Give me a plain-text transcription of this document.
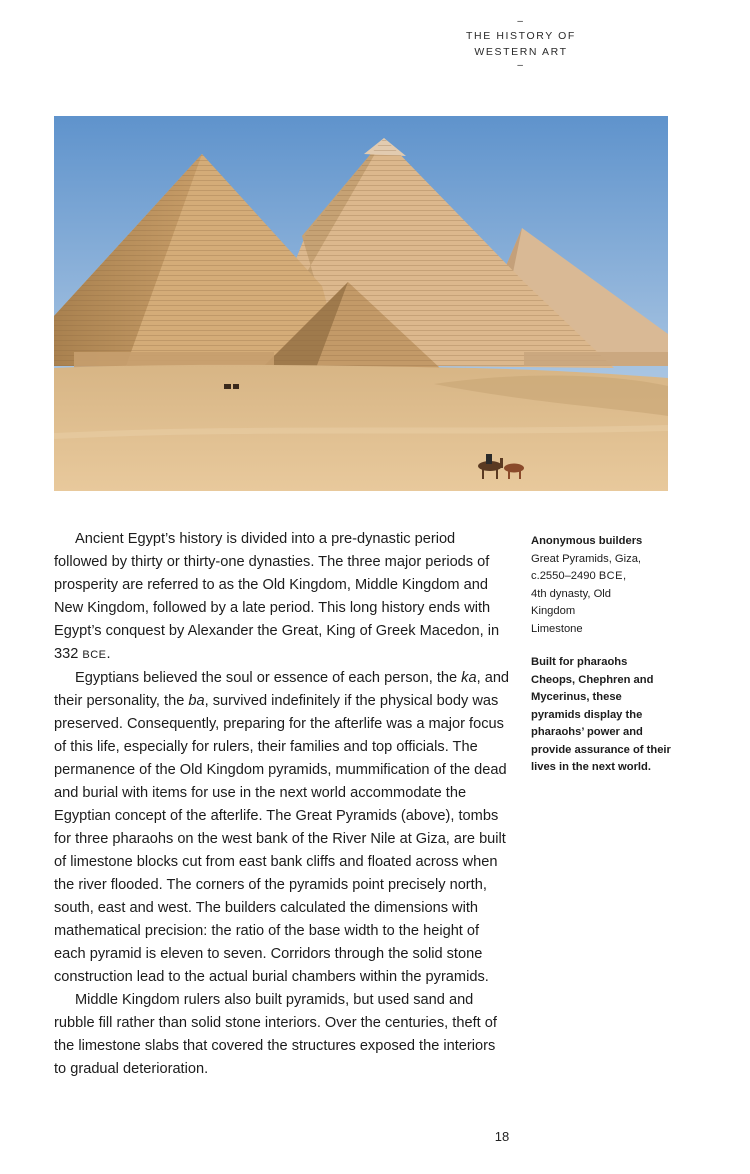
–
THE HISTORY OF
WESTERN ART
–

Ancient Egypt’s history is divided into a pre-dynastic period followed by thirty or thirty-one dynasties. The three major periods of prosperity are referred to as the Old Kingdom, Middle Kingdom and New Kingdom, followed by a late period. This long history ends with Egypt’s conquest by Alexander the Great, King of Greek Macedon, in 332 BCE.

Egyptians believed the soul or essence of each person, the ka, and their personality, the ba, survived indefinitely if the physical body was preserved. Consequently, preparing for the afterlife was a major focus of this life, especially for rulers, their families and top officials. The permanence of the Old Kingdom pyramids, mummification of the dead and burial with items for use in the next world accommodate the Egyptian concept of the afterlife. The Great Pyramids (above), tombs for three pharaohs on the west bank of the River Nile at Giza, are built of limestone blocks cut from east bank cliffs and floated across when the river flooded. The corners of the pyramids point precisely north, south, east and west. The builders calculated the dimensions with mathematical precision: the ratio of the base width to the height of each pyramid is eleven to seven. Corridors through the solid stone construction lead to the actual burial chambers within the pyramids.

Middle Kingdom rulers also built pyramids, but used sand and rubble fill rather than solid stone interiors. Over the centuries, theft of the limestone slabs that covered the structures exposed the interiors to gradual deterioration.

Anonymous builders
Great Pyramids, Giza,
c.2550–2490 BCE,
4th dynasty, Old
Kingdom
Limestone
Built for pharaohs Cheops, Chephren and Mycerinus, these pyramids display the pharaohs’ power and provide assurance of their lives in the next world.
18
